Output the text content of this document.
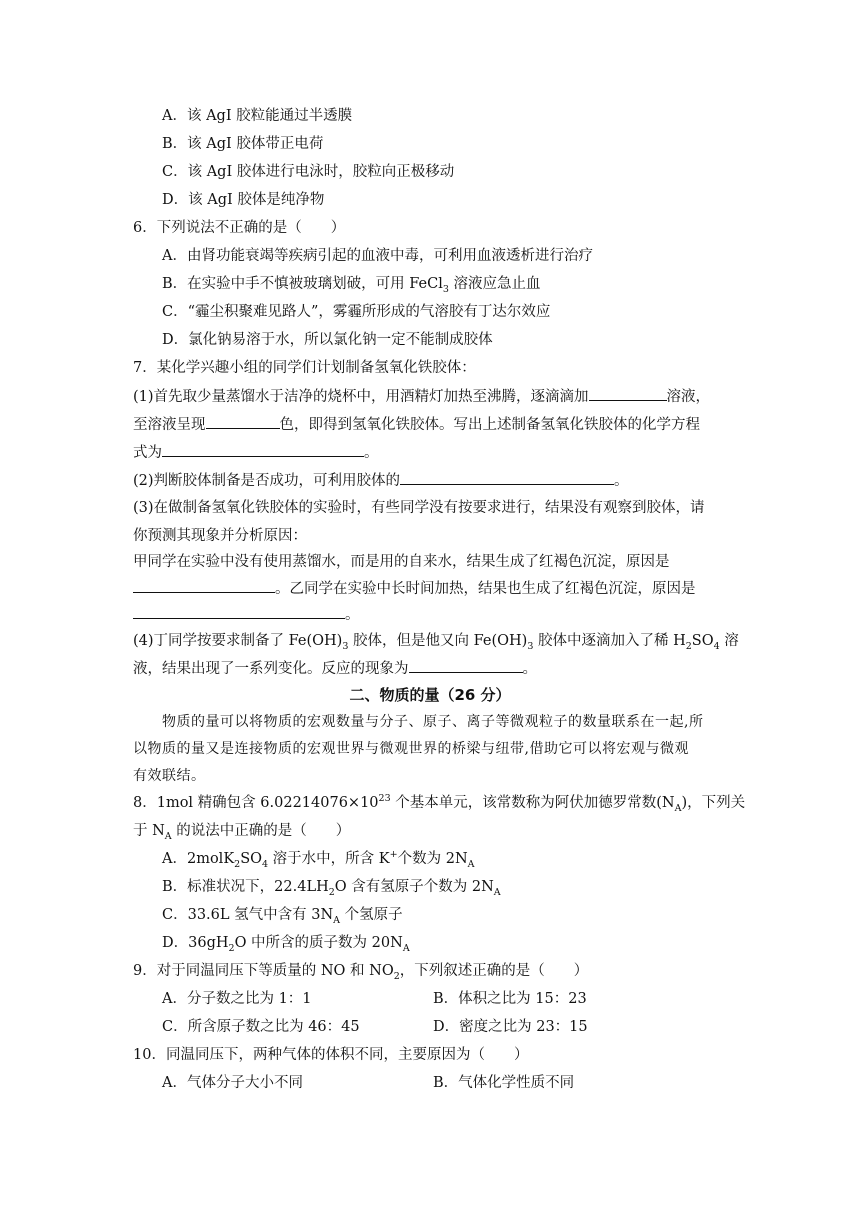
A．该 AgI 胶粒能通过半透膜
B．该 AgI 胶体带正电荷
C．该 AgI 胶体进行电泳时，胶粒向正极移动
D．该 AgI 胶体是纯净物
6．下列说法不正确的是（　　）
A．由肾功能衰竭等疾病引起的血液中毒，可利用血液透析进行治疗
B．在实验中手不慎被玻璃划破，可用 FeCl$_3$ 溶液应急止血
C．“霾尘积聚难见路人”，雾霾所形成的气溶胶有丁达尔效应
D．氯化钠易溶于水，所以氯化钠一定不能制成胶体
7．某化学兴趣小组的同学们计划制备氢氧化铁胶体：
(1)首先取少量蒸馏水于洁净的烧杯中，用酒精灯加热至沸腾，逐滴滴加	溶液，
至溶液呈现	色，即得到氢氧化铁胶体。写出上述制备氢氧化铁胶体的化学方程
式为	。
(2)判断胶体制备是否成功，可利用胶体的	。
(3)在做制备氢氧化铁胶体的实验时，有些同学没有按要求进行，结果没有观察到胶体，请
你预测其现象并分析原因：
甲同学在实验中没有使用蒸馏水，而是用的自来水，结果生成了红褐色沉淀，原因是
。乙同学在实验中长时间加热，结果也生成了红褐色沉淀，原因是
。
(4)丁同学按要求制备了 $Fe(OH)_3$ 胶体，但是他又向 $Fe(OH)_3$ 胶体中逐滴加入了稀 $H_2SO_4$ 溶
液，结果出现了一系列变化。反应的现象为	。
二、物质的量（26 分）
物质的量可以将物质的宏观数量与分子、原子、离子等微观粒子的数量联系在一起,所
以物质的量又是连接物质的宏观世界与微观世界的桥梁与纽带,借助它可以将宏观与微观
有效联结。
8．1mol 精确包含 $6.02214076\times 10^{23}$ 个基本单元，该常数称为阿伏加德罗常数$(N_A)$，下列关
于 $N_A$ 的说法中正确的是（　　）
A．$2molK_2SO_4$ 溶于水中，所含 K+个数为 $2N_A$
B．标准状况下，$22.4LH_2O$ 含有氢原子个数为 $2N_A$
C．33.6L 氢气中含有 $3N_A$ 个氢原子
D．$36gH_2O$ 中所含的质子数为 $20N_A$
9．对于同温同压下等质量的 NO 和 $NO_2$，下列叙述正确的是（　　）
A．分子数之比为 1：1	B．体积之比为 15：23
C．所含原子数之比为 46：45	D．密度之比为 23：15
10．同温同压下，两种气体的体积不同，主要原因为（　　）
A．气体分子大小不同	B．气体化学性质不同
